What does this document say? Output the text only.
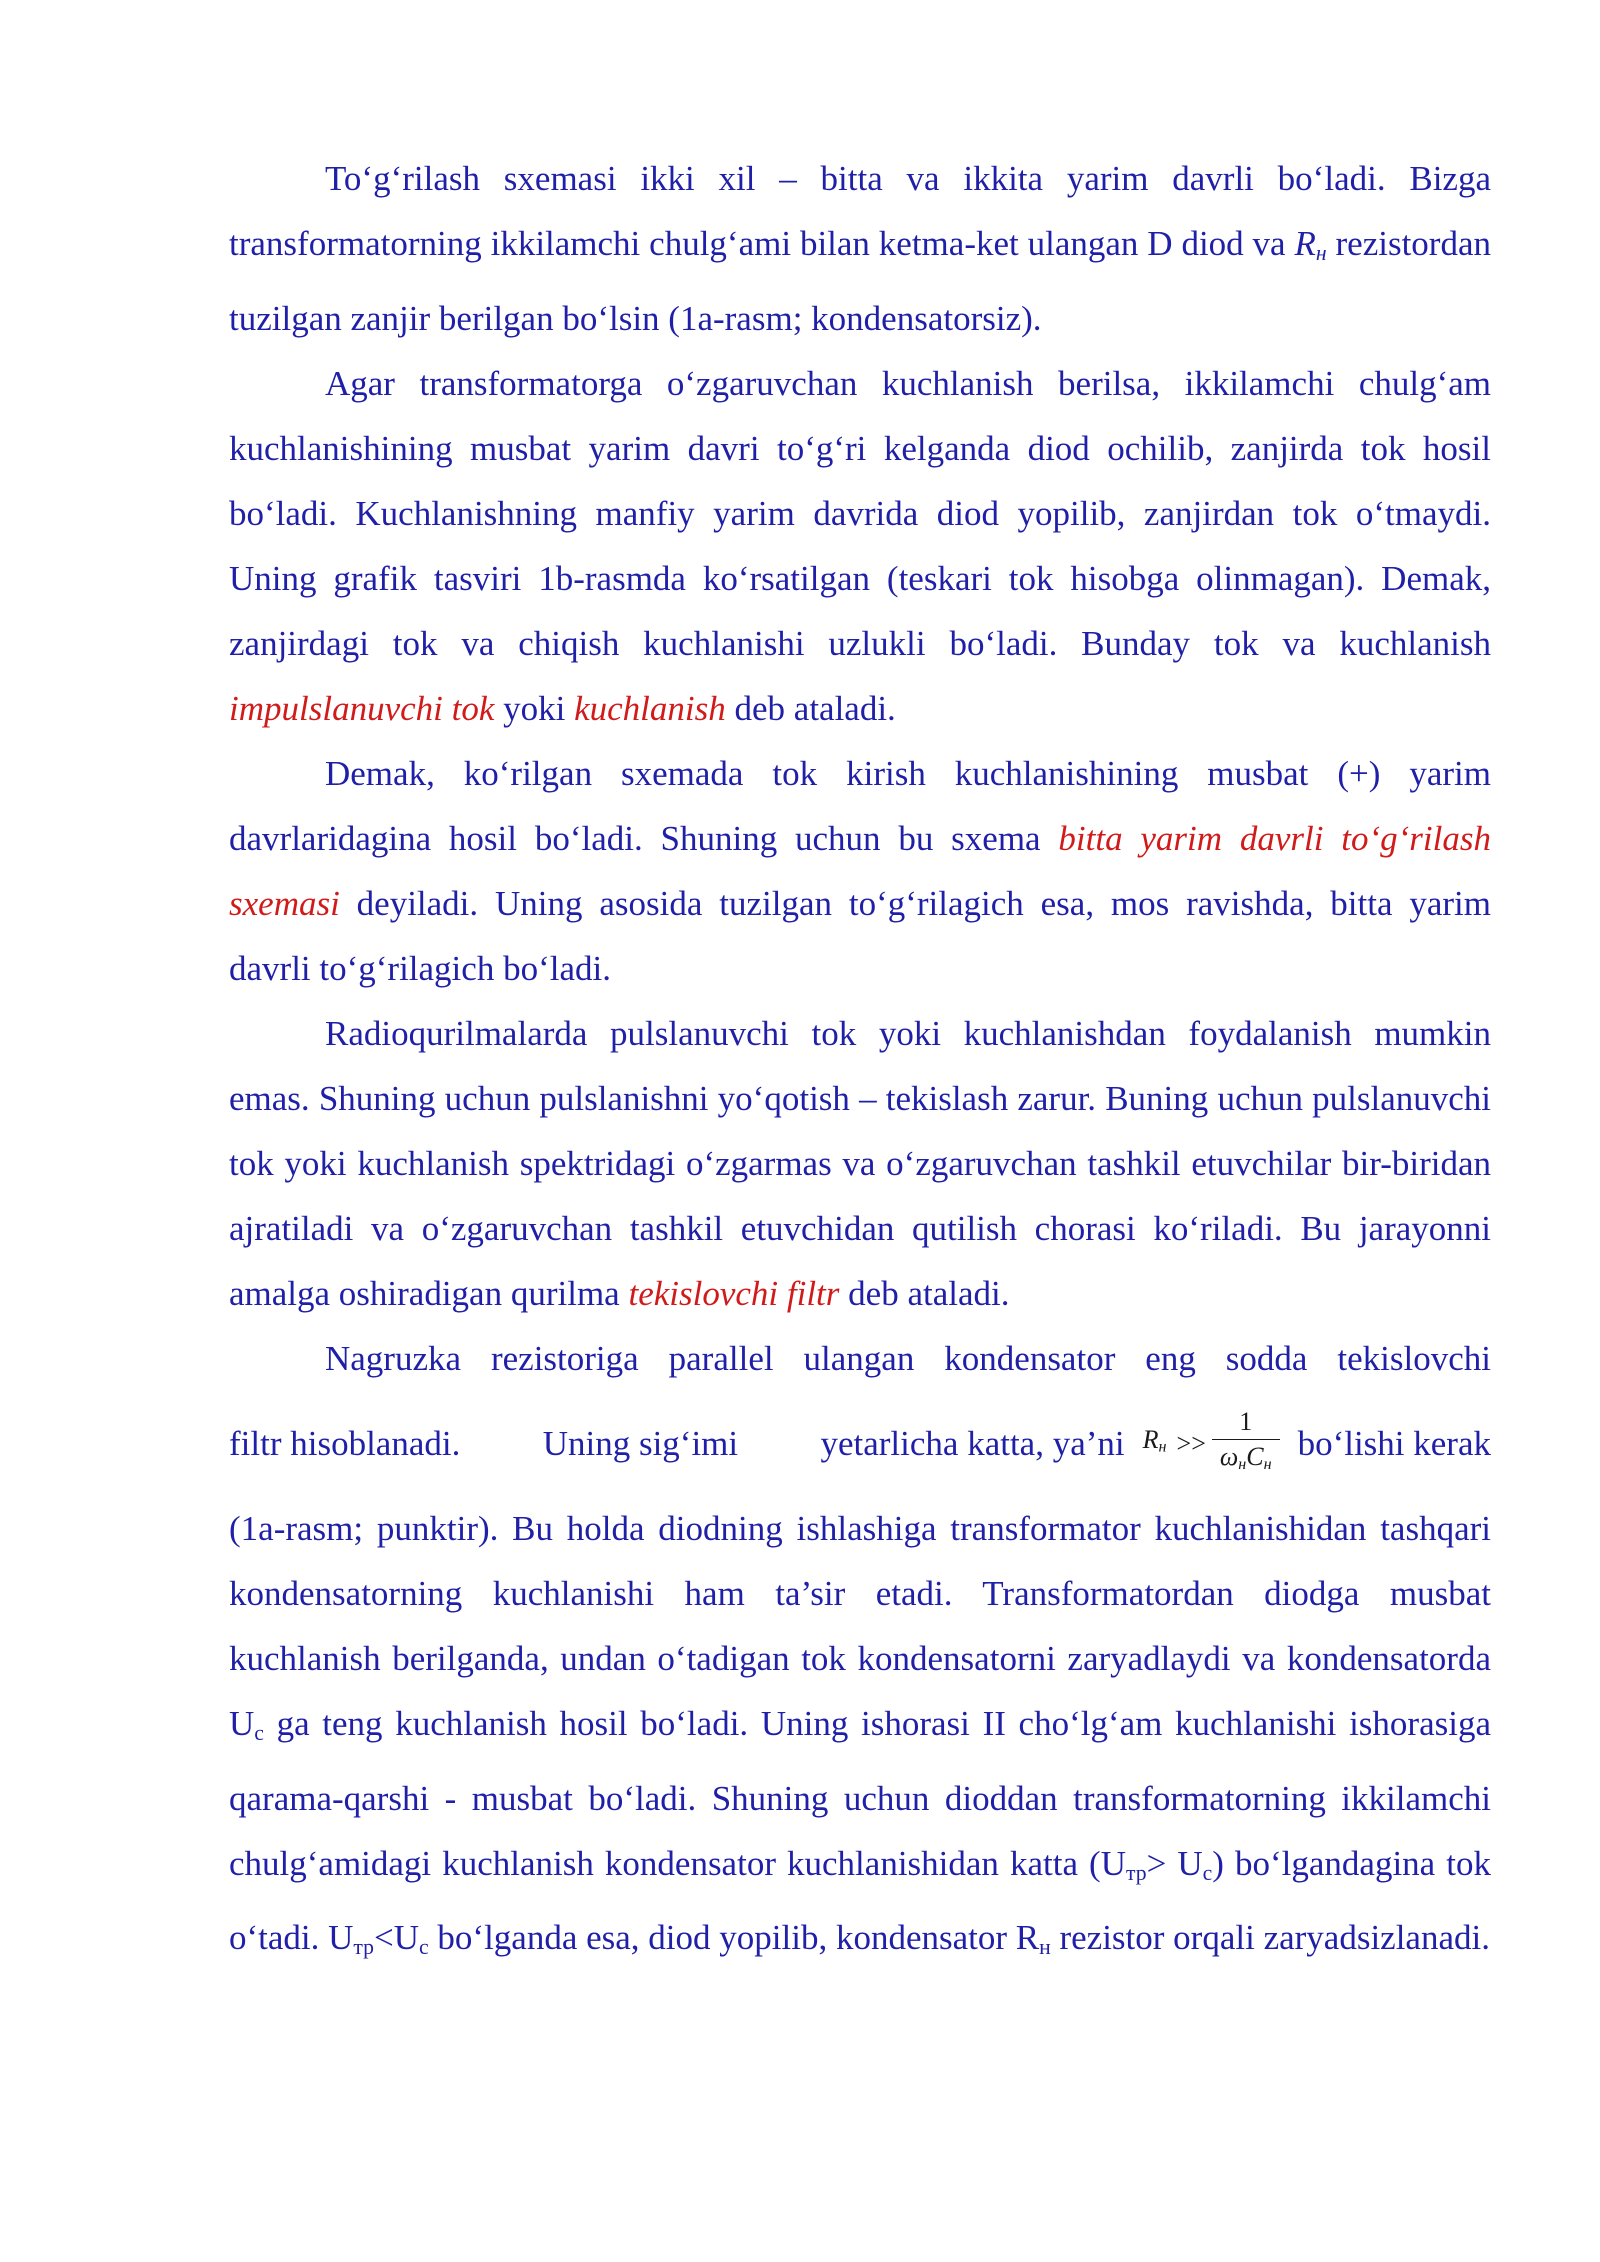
To‘g‘rilash sxemasi ikki xil – bitta va ikkita yarim davrli bo‘ladi. Bizga transformatorning ikkilamchi chulg‘ami bilan ketma-ket ulangan D diod va Rн rezistordan tuzilgan zanjir berilgan bo‘lsin (1a-rasm; kondensatorsiz).

Agar transformatorga o‘zgaruvchan kuchlanish berilsa, ikkilamchi chulg‘am kuchlanishining musbat yarim davri to‘g‘ri kelganda diod ochilib, zanjirda tok hosil bo‘ladi. Kuchlanishning manfiy yarim davrida diod yopilib, zanjirdan tok o‘tmaydi. Uning grafik tasviri 1b-rasmda ko‘rsatilgan (teskari tok hisobga olinmagan). Demak, zanjirdagi tok va chiqish kuchlanishi uzlukli bo‘ladi. Bunday tok va kuchlanish impulslanuvchi tok yoki kuchlanish deb ataladi.

Demak, ko‘rilgan sxemada tok kirish kuchlanishining musbat (+) yarim davrlaridagina hosil bo‘ladi. Shuning uchun bu sxema bitta yarim davrli to‘g‘rilash sxemasi deyiladi. Uning asosida tuzilgan to‘g‘rilagich esa, mos ravishda, bitta yarim davrli to‘g‘rilagich bo‘ladi.

Radioqurilmalarda pulslanuvchi tok yoki kuchlanishdan foydalanish mumkin emas. Shuning uchun pulslanishni yo‘qotish – tekislash zarur. Buning uchun pulslanuvchi tok yoki kuchlanish spektridagi o‘zgarmas va o‘zgaruvchan tashkil etuvchilar bir-biridan ajratiladi va o‘zgaruvchan tashkil etuvchidan qutilish chorasi ko‘riladi. Bu jarayonni amalga oshiradigan qurilma tekislovchi filtr deb ataladi.

Nagruzka rezistoriga parallel ulangan kondensator eng sodda tekislovchi

filtr hisoblanadi. Uning sig‘imi yetarlicha katta, ya’ni Rн >> $\frac{1}{\text{ωнCн}}$ bo‘lishi kerak

(1a-rasm; punktir). Bu holda diodning ishlashiga transformator kuchlanishidan tashqari kondensatorning kuchlanishi ham ta’sir etadi. Transformatordan diodga musbat kuchlanish berilganda, undan o‘tadigan tok kondensatorni zaryadlaydi va kondensatorda $U_c$ ga teng kuchlanish hosil bo‘ladi. Uning ishorasi II cho‘lg‘am kuchlanishi ishorasiga qarama-qarshi - musbat bo‘ladi. Shuning uchun dioddan transformatorning ikkilamchi chulg‘amidagi kuchlanish kondensator kuchlanishidan katta $(U_{тр}> U_c)$ bo‘lgandagina tok o‘tadi. $U_{тр}<U_c$ bo‘lganda esa, diod yopilib, kondensator $R_н$ rezistor orqali zaryadsizlanadi.
